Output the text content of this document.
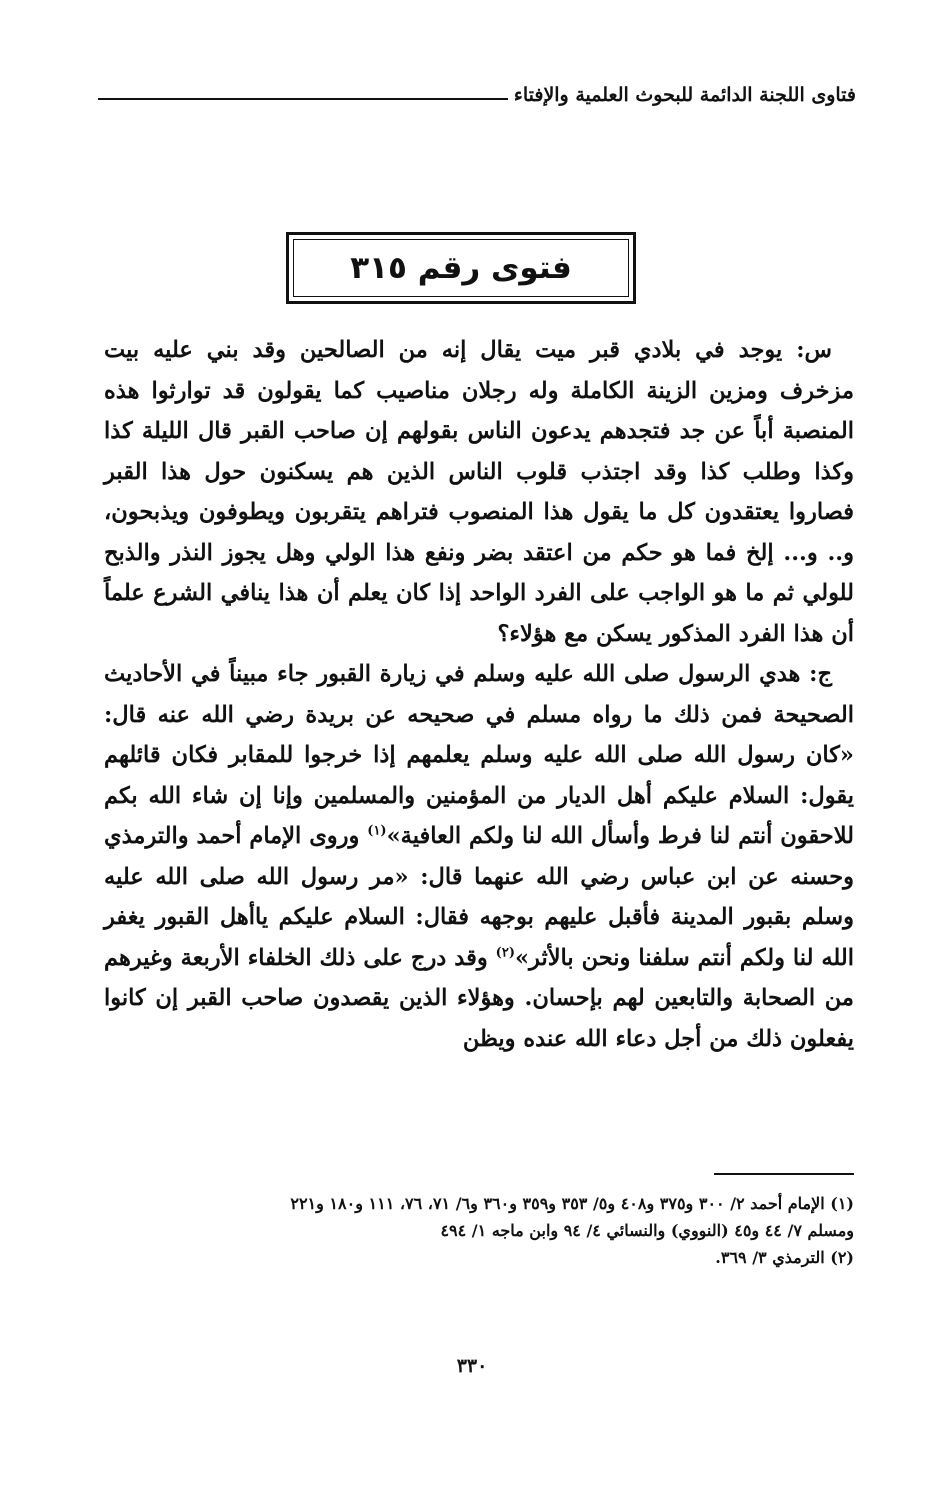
فتاوى اللجنة الدائمة للبحوث العلمية والإفتاء
فتوى رقم ٣١٥

س: يوجد في بلادي قبر ميت يقال إنه من الصالحين وقد بني عليه بيت مزخرف ومزين الزينة الكاملة وله رجلان مناصيب كما يقولون قد توارثوا هذه المنصبة أباً عن جد فتجدهم يدعون الناس بقولهم إن صاحب القبر قال الليلة كذا وكذا وطلب كذا وقد اجتذب قلوب الناس الذين هم يسكنون حول هذا القبر فصاروا يعتقدون كل ما يقول هذا المنصوب فتراهم يتقربون ويطوفون ويذبحون، و.. و... إلخ فما هو حكم من اعتقد بضر ونفع هذا الولي وهل يجوز النذر والذبح للولي ثم ما هو الواجب على الفرد الواحد إذا كان يعلم أن هذا ينافي الشرع علماً أن هذا الفرد المذكور يسكن مع هؤلاء؟

ج: هدي الرسول صلى الله عليه وسلم في زيارة القبور جاء مبيناً في الأحاديث الصحيحة فمن ذلك ما رواه مسلم في صحيحه عن بريدة رضي الله عنه قال: «كان رسول الله صلى الله عليه وسلم يعلمهم إذا خرجوا للمقابر فكان قائلهم يقول: السلام عليكم أهل الديار من المؤمنين والمسلمين وإنا إن شاء الله بكم للاحقون أنتم لنا فرط وأسأل الله لنا ولكم العافية»$^{(١)}$ وروى الإمام أحمد والترمذي وحسنه عن ابن عباس رضي الله عنهما قال: «مر رسول الله صلى الله عليه وسلم بقبور المدينة فأقبل عليهم بوجهه فقال: السلام عليكم ياأهل القبور يغفر الله لنا ولكم أنتم سلفنا ونحن بالأثر»$^{(٢)}$ وقد درج على ذلك الخلفاء الأربعة وغيرهم من الصحابة والتابعين لهم بإحسان. وهؤلاء الذين يقصدون صاحب القبر إن كانوا يفعلون ذلك من أجل دعاء الله عنده ويظن

(١) الإمام أحمد ٢/ ٣٠٠ و٣٧٥ و٤٠٨ و٥/ ٣٥٣ و٣٥٩ و٣٦٠ و٦/ ٧١، ٧٦، ١١١ و١٨٠ و٢٢١
ومسلم ٧/ ٤٤ و٤٥ (النووي) والنسائي ٤/ ٩٤ وابن ماجه ١/ ٤٩٤
(٢) الترمذي ٣/ ٣٦٩.
٣٣٠
